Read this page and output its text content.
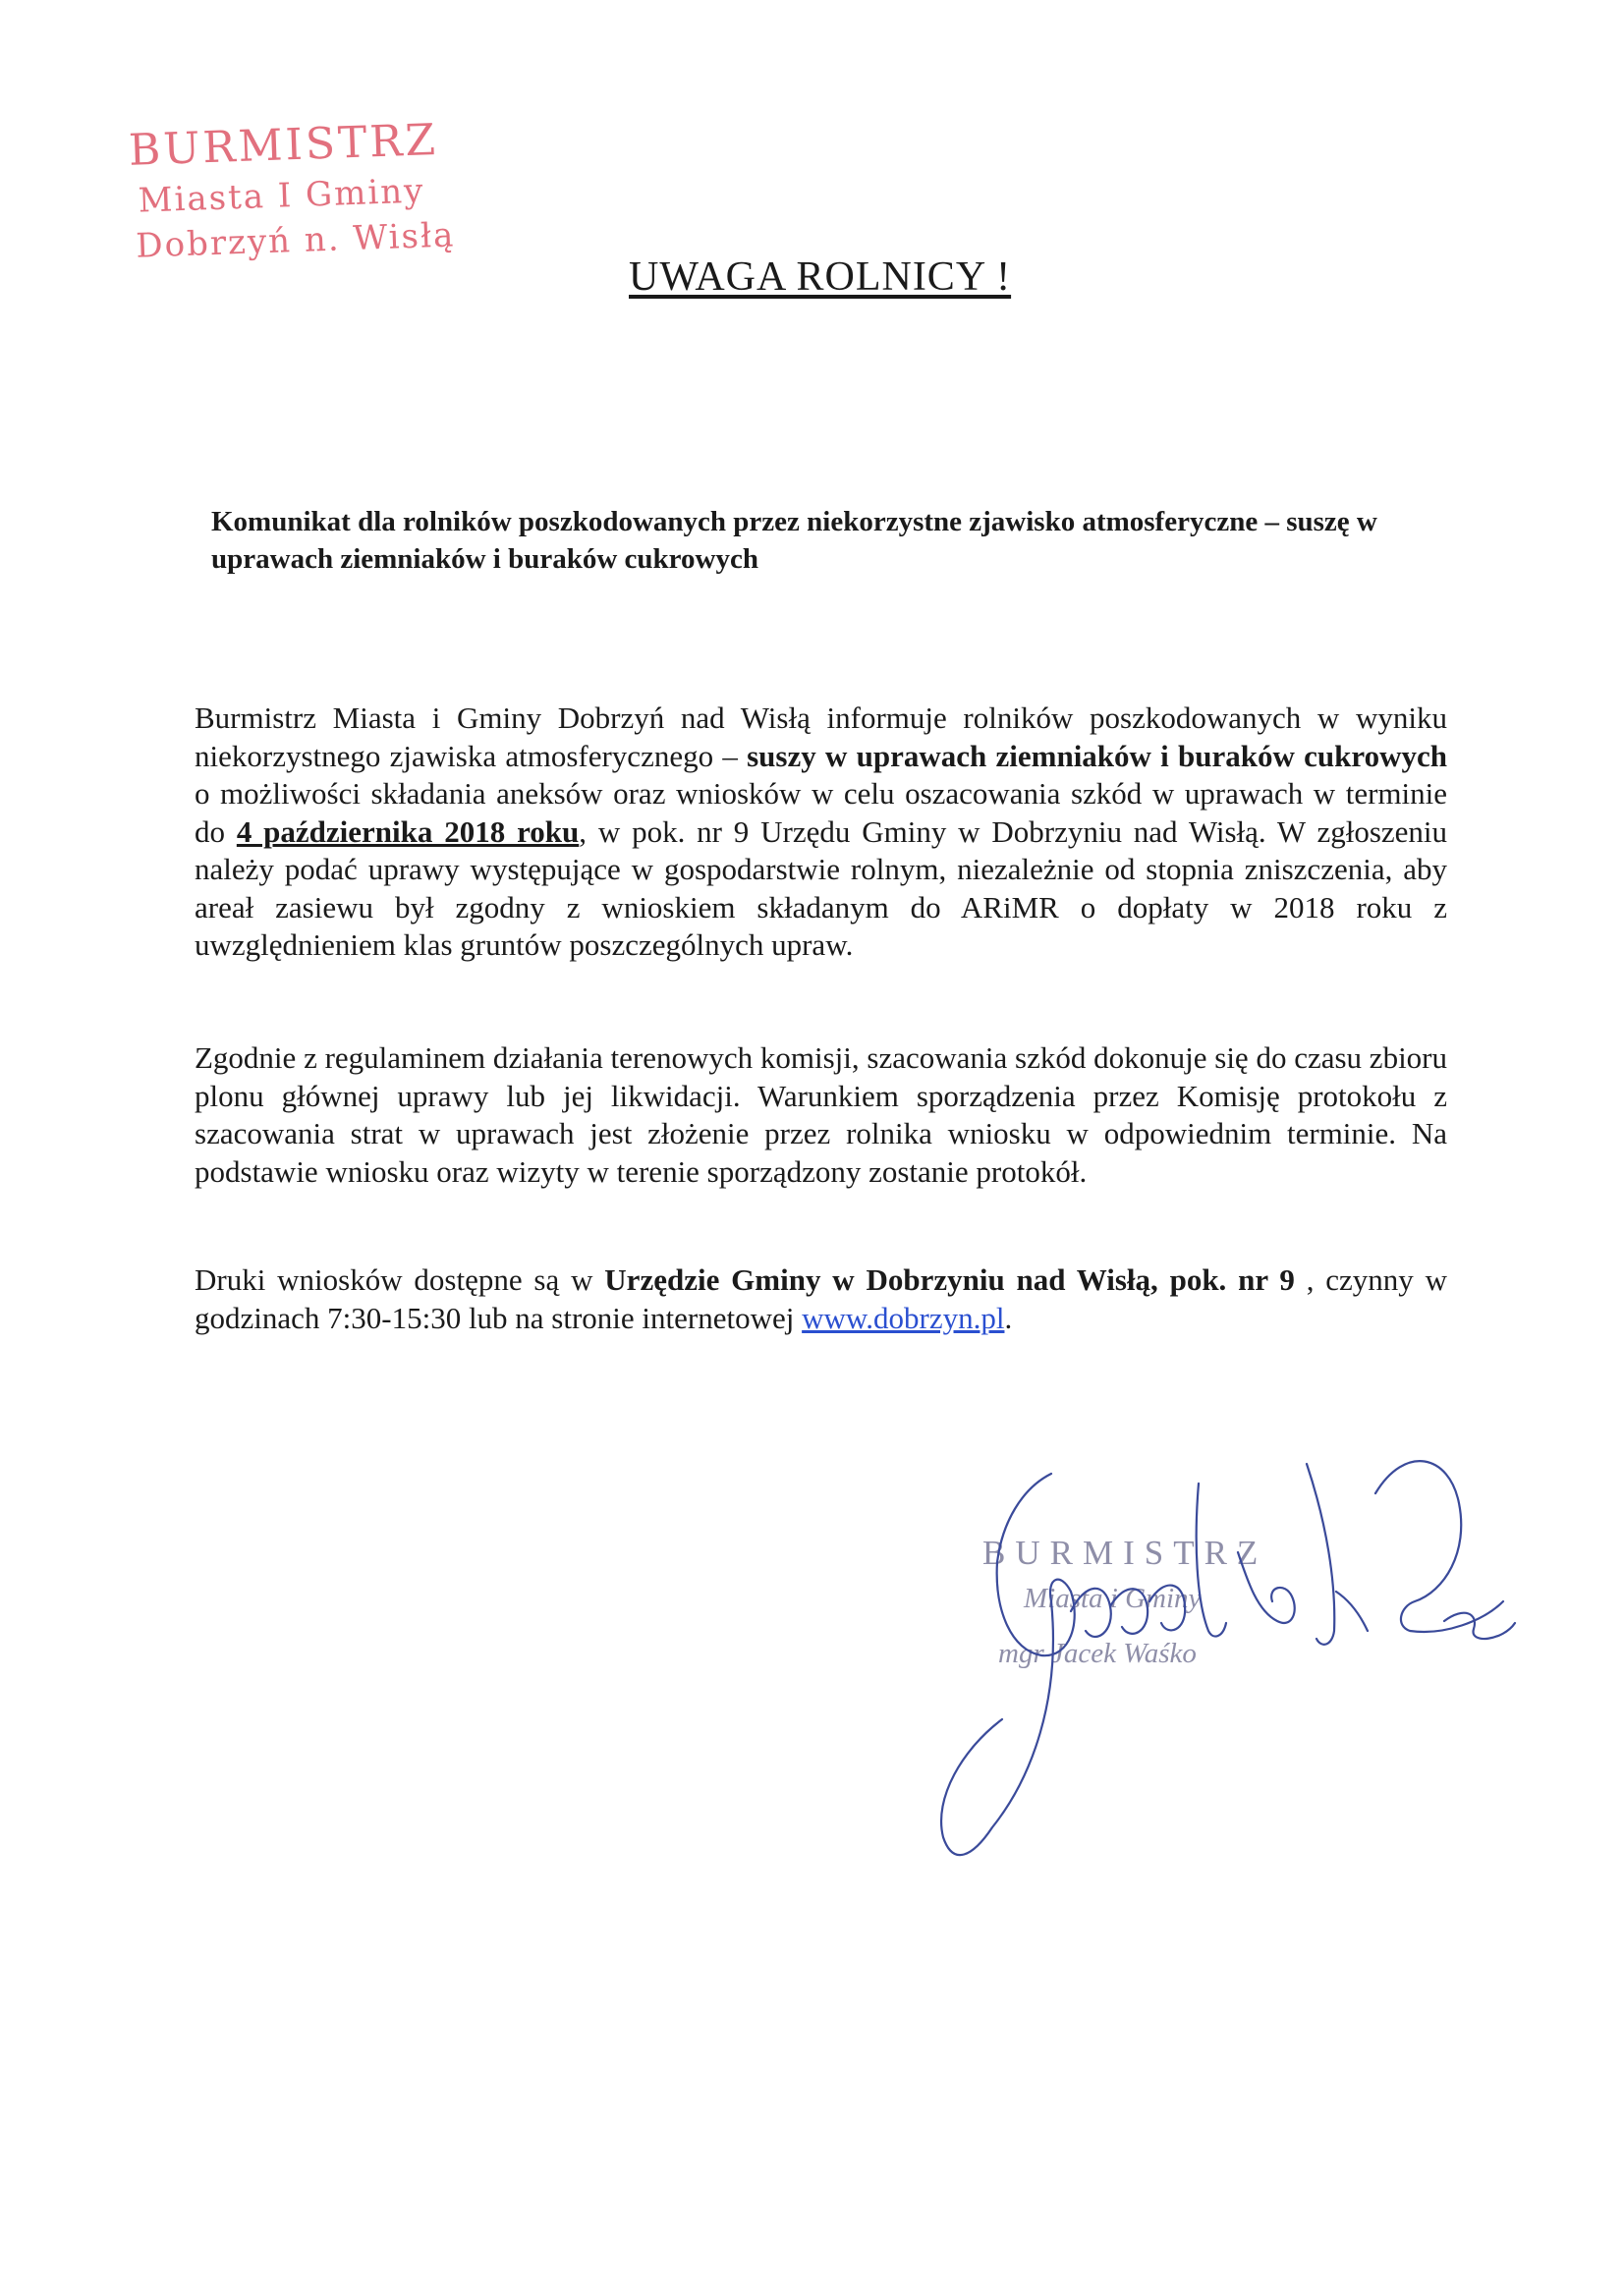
BURMISTRZ
Miasta I Gminy
Dobrzyń n. Wisłą
UWAGA ROLNICY !

Komunikat dla rolników poszkodowanych przez niekorzystne zjawisko atmosferyczne – suszę w uprawach ziemniaków i buraków cukrowych

Burmistrz Miasta i Gminy Dobrzyń nad Wisłą informuje rolników poszkodowanych w wyniku niekorzystnego zjawiska atmosferycznego – suszy w uprawach ziemniaków i buraków cukrowych o możliwości składania aneksów oraz wniosków w celu oszacowania szkód w uprawach w terminie do 4 października 2018 roku, w pok. nr 9 Urzędu Gminy w Dobrzyniu nad Wisłą. W zgłoszeniu należy podać uprawy występujące w gospodarstwie rolnym, niezależnie od stopnia zniszczenia, aby areał zasiewu był zgodny z wnioskiem składanym do ARiMR o dopłaty w 2018 roku z uwzględnieniem klas gruntów poszczególnych upraw.

Zgodnie z regulaminem działania terenowych komisji, szacowania szkód dokonuje się do czasu zbioru plonu głównej uprawy lub jej likwidacji. Warunkiem sporządzenia przez Komisję protokołu z szacowania strat w uprawach jest złożenie przez rolnika wniosku w odpowiednim terminie. Na podstawie wniosku oraz wizyty w terenie sporządzony zostanie protokół.

Druki wniosków dostępne są w Urzędzie Gminy w Dobrzyniu nad Wisłą, pok. nr 9 , czynny w godzinach 7:30-15:30 lub na stronie internetowej www.dobrzyn.pl.

BURMISTRZ
Miasta i Gminy
mgr Jacek Waśko
